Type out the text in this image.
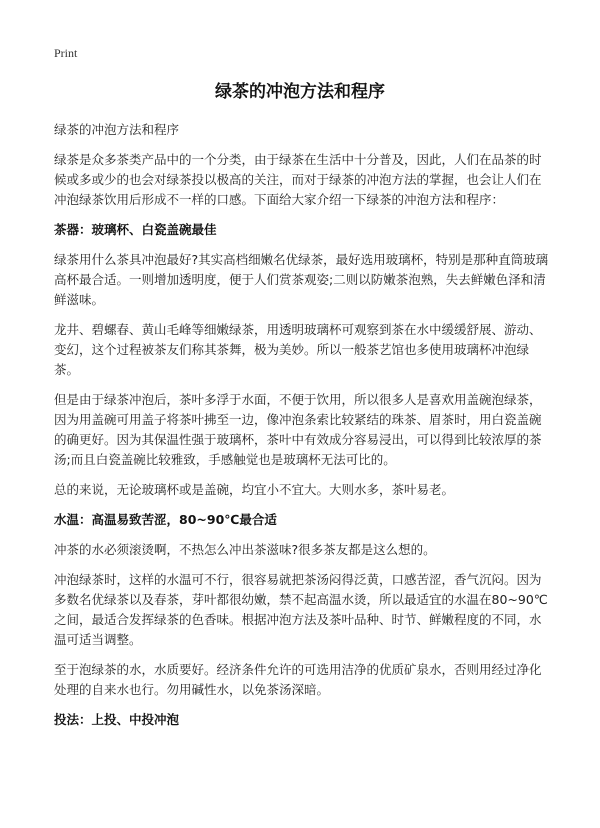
Print
绿茶的冲泡方法和程序

绿茶的冲泡方法和程序

绿茶是众多茶类产品中的一个分类，由于绿茶在生活中十分普及，因此，人们在品茶的时候或多或少的也会对绿茶投以极高的关注，而对于绿茶的冲泡方法的掌握，也会让人们在冲泡绿茶饮用后形成不一样的口感。下面给大家介绍一下绿茶的冲泡方法和程序：

茶器：玻璃杯、白瓷盖碗最佳

绿茶用什么茶具冲泡最好?其实高档细嫩名优绿茶，最好选用玻璃杯，特别是那种直筒玻璃高杯最合适。一则增加透明度，便于人们赏茶观姿;二则以防嫩茶泡熟，失去鲜嫩色泽和清鲜滋味。

龙井、碧螺春、黄山毛峰等细嫩绿茶，用透明玻璃杯可观察到茶在水中缓缓舒展、游动、变幻，这个过程被茶友们称其茶舞，极为美妙。所以一般茶艺馆也多使用玻璃杯冲泡绿茶。

但是由于绿茶冲泡后，茶叶多浮于水面，不便于饮用，所以很多人是喜欢用盖碗泡绿茶，因为用盖碗可用盖子将茶叶拂至一边，像冲泡条索比较紧结的珠茶、眉茶时，用白瓷盖碗的确更好。因为其保温性强于玻璃杯，茶叶中有效成分容易浸出，可以得到比较浓厚的茶汤;而且白瓷盖碗比较雅致，手感触觉也是玻璃杯无法可比的。

总的来说，无论玻璃杯或是盖碗，均宜小不宜大。大则水多，茶叶易老。

水温：高温易致苦涩，80~90℃最合适

冲茶的水必须滚烫啊，不热怎么冲出茶滋味?很多茶友都是这么想的。

冲泡绿茶时，这样的水温可不行，很容易就把茶汤闷得泛黄，口感苦涩，香气沉闷。因为多数名优绿茶以及春茶，芽叶都很幼嫩，禁不起高温水烫，所以最适宜的水温在80~90℃之间，最适合发挥绿茶的色香味。根据冲泡方法及茶叶品种、时节、鲜嫩程度的不同，水温可适当调整。

至于泡绿茶的水，水质要好。经济条件允许的可选用洁净的优质矿泉水，否则用经过净化处理的自来水也行。勿用碱性水，以免茶汤深暗。

投法：上投、中投冲泡
